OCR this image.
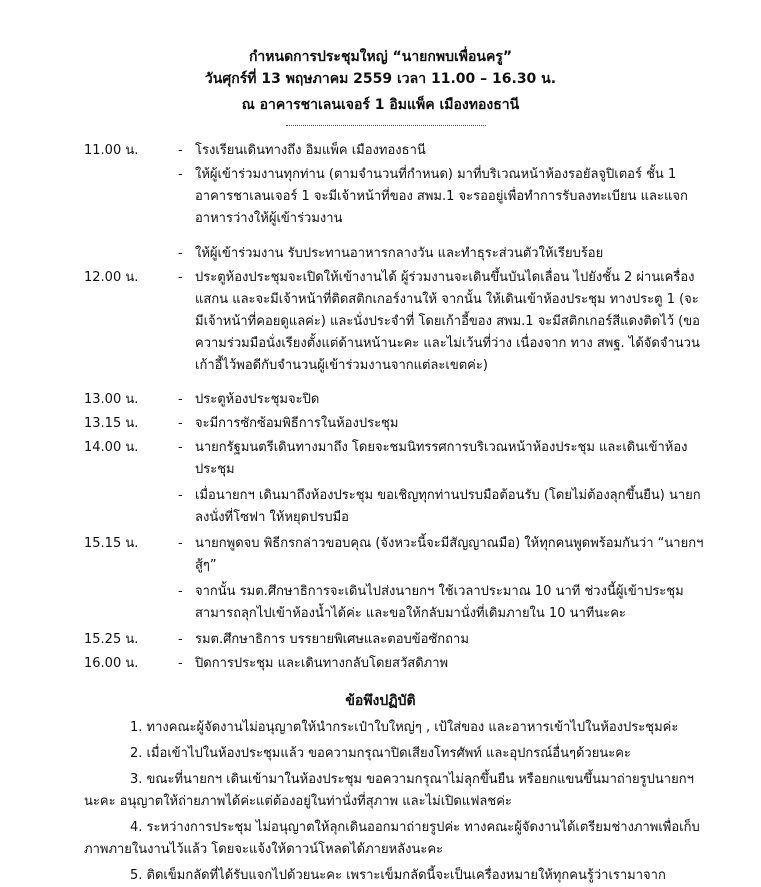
กำหนดการประชุมใหญ่ “นายกพบเพื่อนครู”
วันศุกร์ที่ 13 พฤษภาคม 2559 เวลา 11.00 – 16.30 น.
ณ อาคารชาเลนเจอร์ 1 อิมแพ็ค เมืองทองธานี
11.00 น.	- โรงเรียนเดินทางถึง อิมแพ็ค เมืองทองธานี
- ให้ผู้เข้าร่วมงานทุกท่าน (ตามจำนวนที่กำหนด) มาที่บริเวณหน้าห้องรอยัลจูปิเตอร์ ชั้น 1 อาคารชาเลนเจอร์ 1 จะมีเจ้าหน้าที่ของ สพม.1 จะรออยู่เพื่อทำการรับลงทะเบียน และแจกอาหารว่างให้ผู้เข้าร่วมงาน
- ให้ผู้เข้าร่วมงาน รับประทานอาหารกลางวัน และทำธุระส่วนตัวให้เรียบร้อย
12.00 น.	- ประตูห้องประชุมจะเปิดให้เข้างานได้ ผู้ร่วมงานจะเดินขึ้นบันไดเลื่อน ไปยังชั้น 2 ผ่านเครื่องแสกน และจะมีเจ้าหน้าที่ติดสติกเกอร์งานให้ จากนั้น ให้เดินเข้าห้องประชุม ทางประตู 1 (จะมีเจ้าหน้าที่คอยดูแลค่ะ) และนั่งประจำที่ โดยเก้าอี้ของ สพม.1 จะมีสติกเกอร์สีแดงติดไว้ (ขอความร่วมมือนั่งเรียงตั้งแต่ด้านหน้านะคะ และไม่เว้นที่ว่าง เนื่องจาก ทาง สพฐ. ได้จัดจำนวนเก้าอี้ไว้พอดีกับจำนวนผู้เข้าร่วมงานจากแต่ละเขตค่ะ)
13.00 น.	- ประตูห้องประชุมจะปิด
13.15 น.	- จะมีการซักซ้อมพิธีการในห้องประชุม
14.00 น.	- นายกรัฐมนตรีเดินทางมาถึง โดยจะชมนิทรรศการบริเวณหน้าห้องประชุม และเดินเข้าห้องประชุม
- เมื่อนายกฯ เดินมาถึงห้องประชุม ขอเชิญทุกท่านปรบมือต้อนรับ (โดยไม่ต้องลุกขึ้นยืน) นายกลงนั่งที่โซฟา ให้หยุดปรบมือ
15.15 น.	- นายกพูดจบ พิธีกรกล่าวขอบคุณ (จังหวะนี้จะมีสัญญาณมือ) ให้ทุกคนพูดพร้อมกันว่า “นายกฯ สู้ๆ”
- จากนั้น รมต.ศึกษาธิการจะเดินไปส่งนายกฯ ใช้เวลาประมาณ 10 นาที ช่วงนี้ผู้เข้าประชุมสามารถลุกไปเข้าห้องน้ำได้ค่ะ และขอให้กลับมานั่งที่เดิมภายใน 10 นาทีนะคะ
15.25 น.	- รมต.ศึกษาธิการ บรรยายพิเศษและตอบข้อซักถาม
16.00 น.	- ปิดการประชุม และเดินทางกลับโดยสวัสดิภาพ
ข้อพึงปฏิบัติ
1. ทางคณะผู้จัดงานไม่อนุญาตให้นำกระเป๋าใบใหญ่ๆ , เป้ใส่ของ และอาหารเข้าไปในห้องประชุมค่ะ
2. เมื่อเข้าไปในห้องประชุมแล้ว ขอความกรุณาปิดเสียงโทรศัพท์ และอุปกรณ์อื่นๆด้วยนะคะ
3. ขณะที่นายกฯ เดินเข้ามาในห้องประชุม ขอความกรุณาไม่ลุกขึ้นยืน หรือยกแขนขึ้นมาถ่ายรูปนายกฯ นะคะ อนุญาตให้ถ่ายภาพได้ค่ะแต่ต้องอยู่ในท่านั่งที่สุภาพ และไม่เปิดแฟลชค่ะ
4. ระหว่างการประชุม ไม่อนุญาตให้ลุกเดินออกมาถ่ายรูปค่ะ ทางคณะผู้จัดงานได้เตรียมช่างภาพเพื่อเก็บภาพภายในงานไว้แล้ว โดยจะแจ้งให้ดาวน์โหลดได้ภายหลังนะคะ
5. ติดเข็มกลัดที่ได้รับแจกไปด้วยนะคะ เพราะเข็มกลัดนี้จะเป็นเครื่องหมายให้ทุกคนรู้ว่าเรามาจาก
